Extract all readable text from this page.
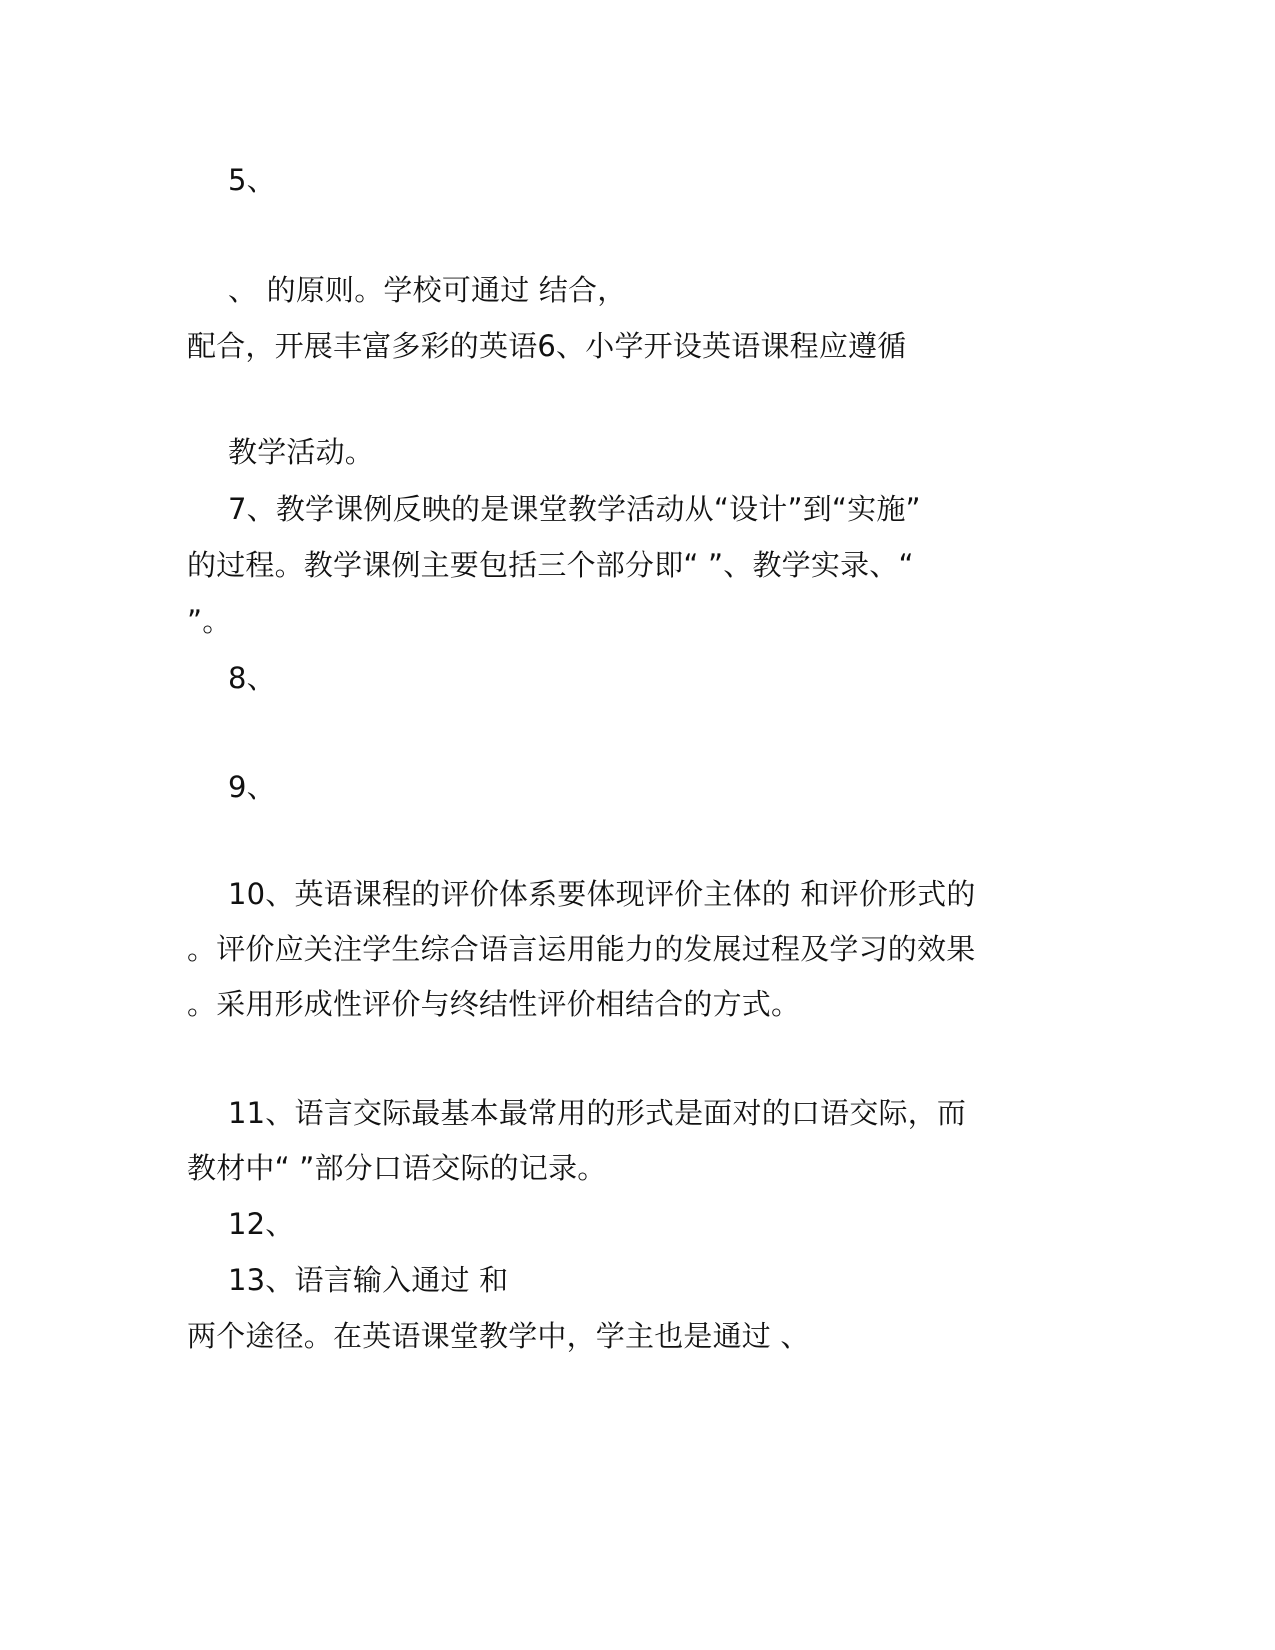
5、
、 的原则。学校可通过 结合，
配合，开展丰富多彩的英语6、小学开设英语课程应遵循
教学活动。
7、教学课例反映的是课堂教学活动从“设计”到“实施”
的过程。教学课例主要包括三个部分即“ ”、教学实录、“
”。
8、
9、
10、英语课程的评价体系要体现评价主体的 和评价形式的
。评价应关注学生综合语言运用能力的发展过程及学习的效果
。采用形成性评价与终结性评价相结合的方式。
11、语言交际最基本最常用的形式是面对的口语交际，而
教材中“ ”部分口语交际的记录。
12、
13、语言输入通过 和
两个途径。在英语课堂教学中，学主也是通过 、
